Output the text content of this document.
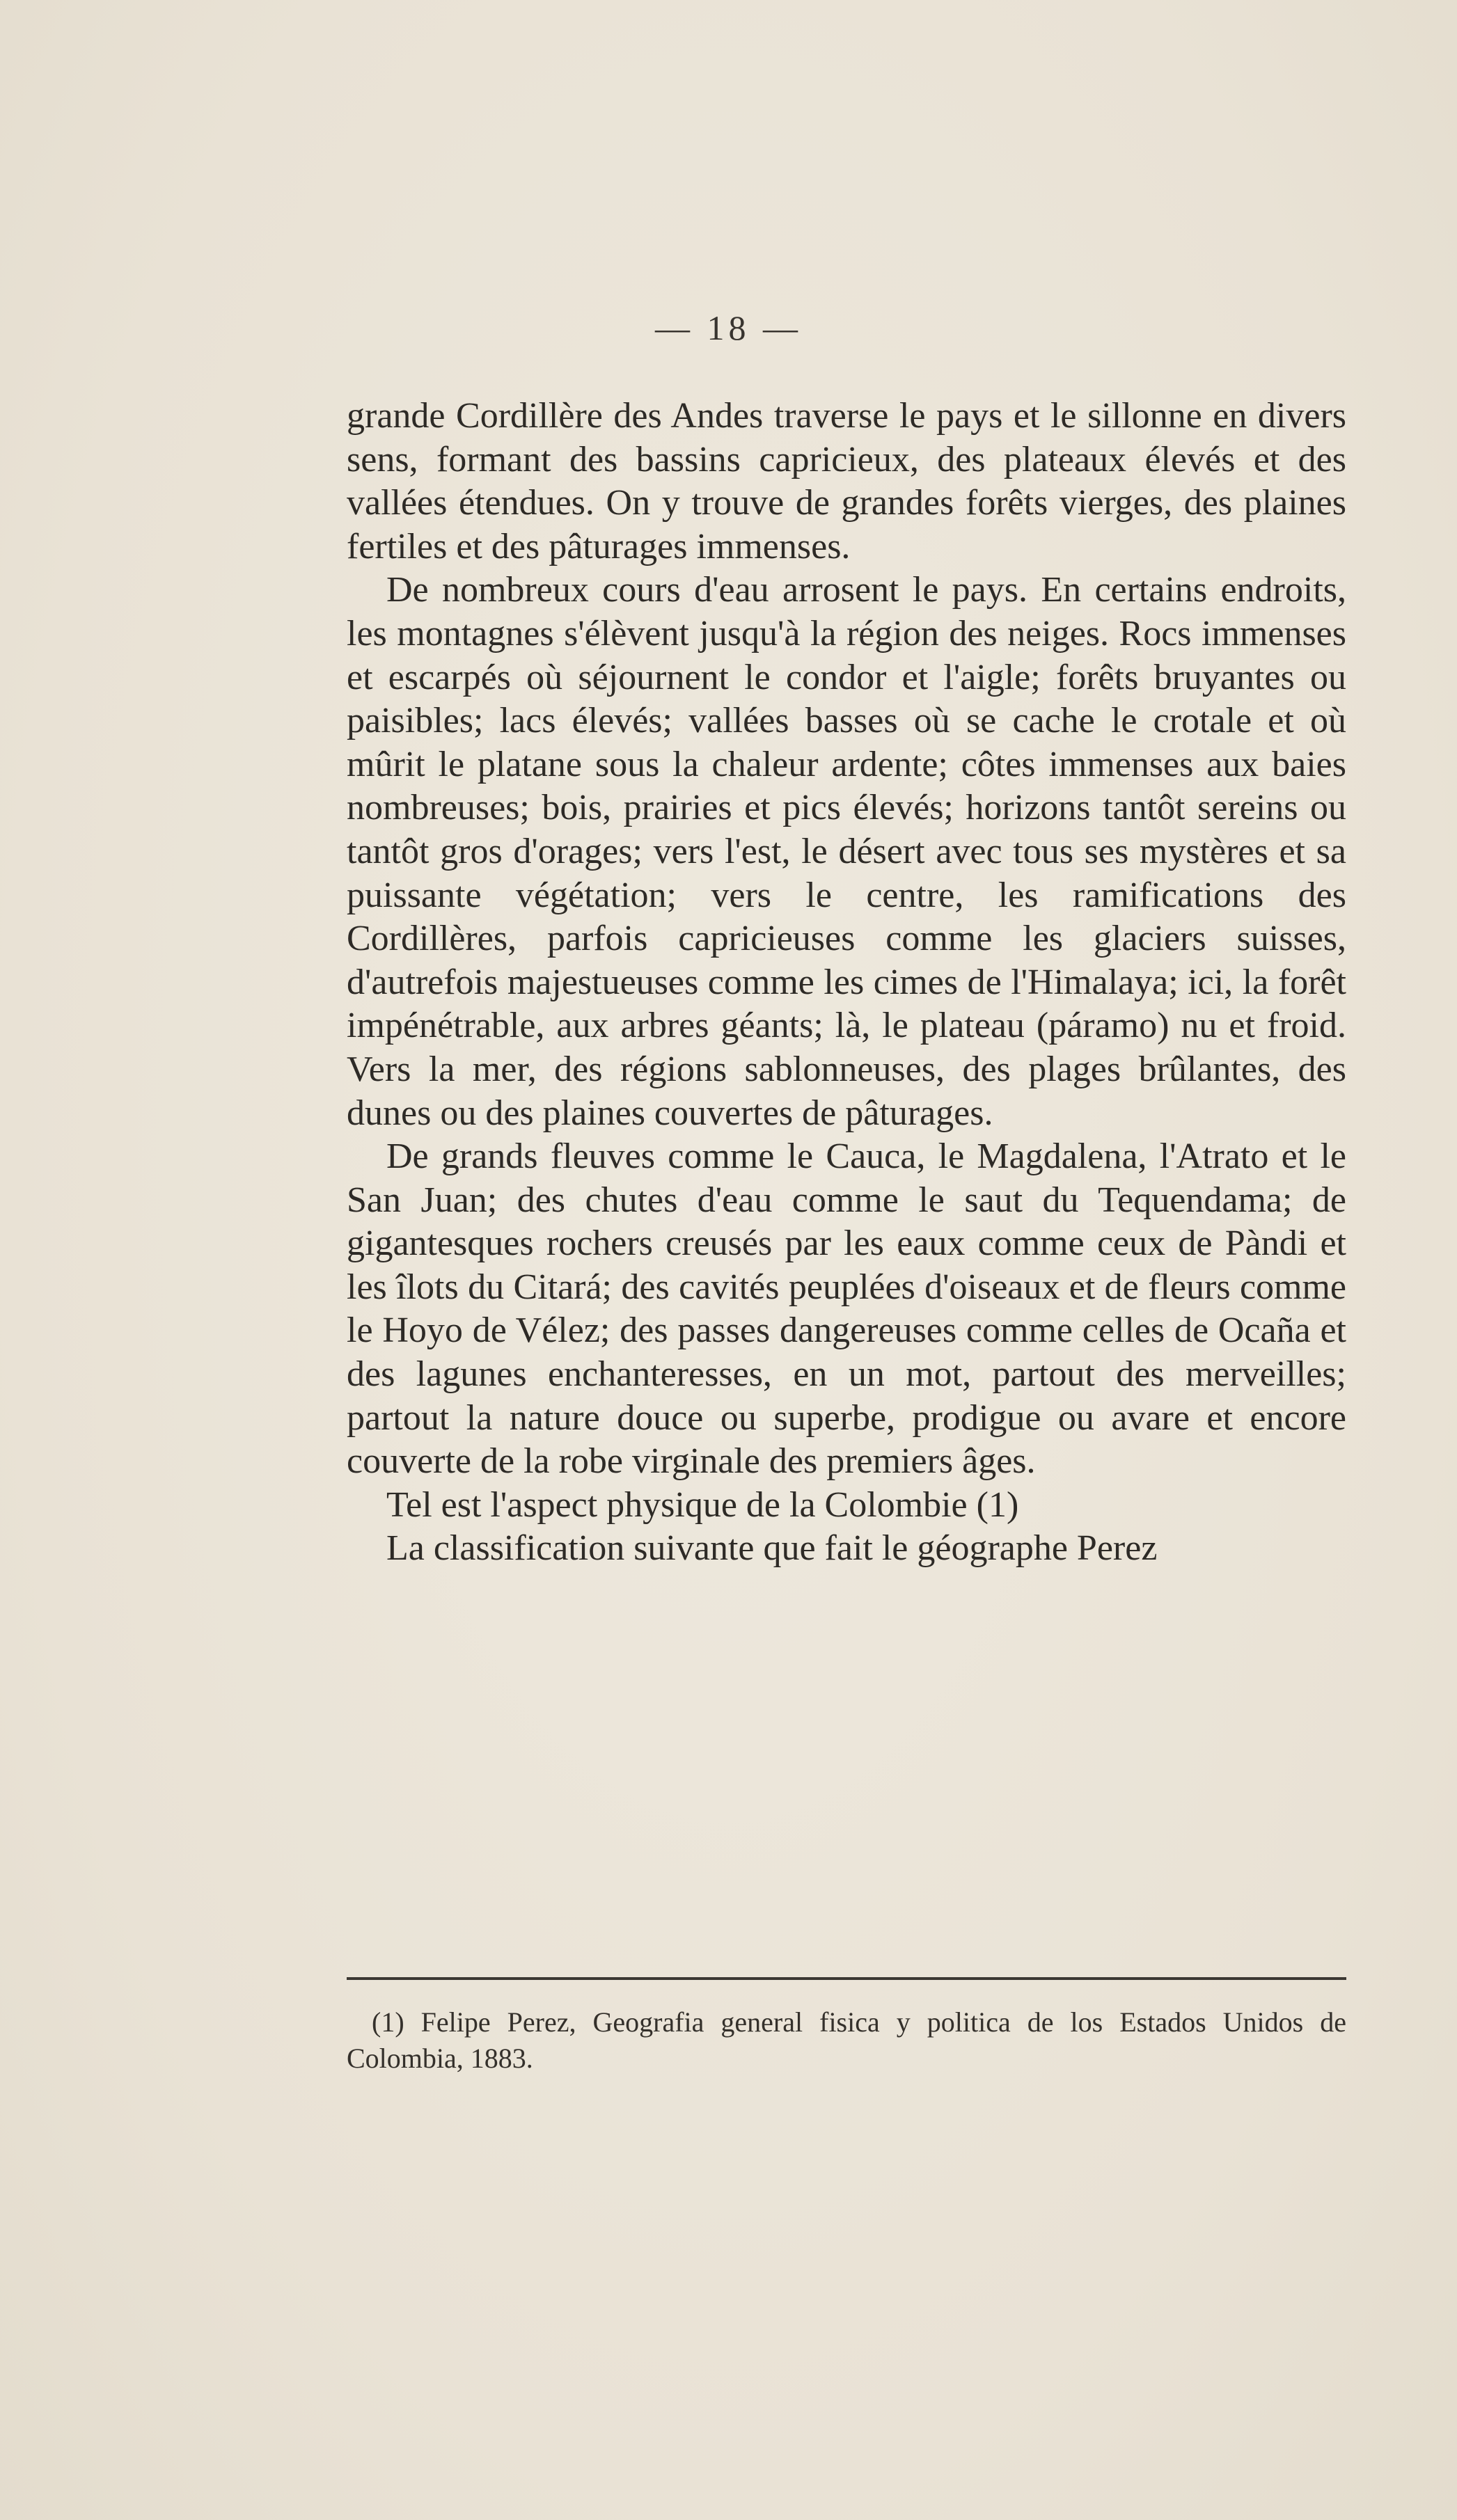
— 18 —

grande Cordillère des Andes traverse le pays et le sillonne en divers sens, formant des bassins capricieux, des plateaux élevés et des vallées étendues. On y trouve de grandes forêts vierges, des plaines fertiles et des pâturages immenses.

De nombreux cours d'eau arrosent le pays. En certains endroits, les montagnes s'élèvent jusqu'à la région des neiges. Rocs immenses et escarpés où séjournent le condor et l'aigle; forêts bruyantes ou paisibles; lacs élevés; vallées basses où se cache le crotale et où mûrit le platane sous la chaleur ardente; côtes immenses aux baies nombreuses; bois, prairies et pics élevés; horizons tantôt sereins ou tantôt gros d'orages; vers l'est, le désert avec tous ses mystères et sa puissante végétation; vers le centre, les ramifications des Cordillères, parfois capricieuses comme les glaciers suisses, d'autrefois majestueuses comme les cimes de l'Himalaya; ici, la forêt impénétrable, aux arbres géants; là, le plateau (páramo) nu et froid. Vers la mer, des régions sablonneuses, des plages brûlantes, des dunes ou des plaines couvertes de pâturages.

De grands fleuves comme le Cauca, le Magdalena, l'Atrato et le San Juan; des chutes d'eau comme le saut du Tequendama; de gigantesques rochers creusés par les eaux comme ceux de Pàndi et les îlots du Citará; des cavités peuplées d'oiseaux et de fleurs comme le Hoyo de Vélez; des passes dangereuses comme celles de Ocaña et des lagunes enchanteresses, en un mot, partout des merveilles; partout la nature douce ou superbe, prodigue ou avare et encore couverte de la robe virginale des premiers âges.

Tel est l'aspect physique de la Colombie (1)

La classification suivante que fait le géographe Perez

(1) Felipe Perez, Geografia general fisica y politica de los Estados Unidos de Colombia, 1883.
